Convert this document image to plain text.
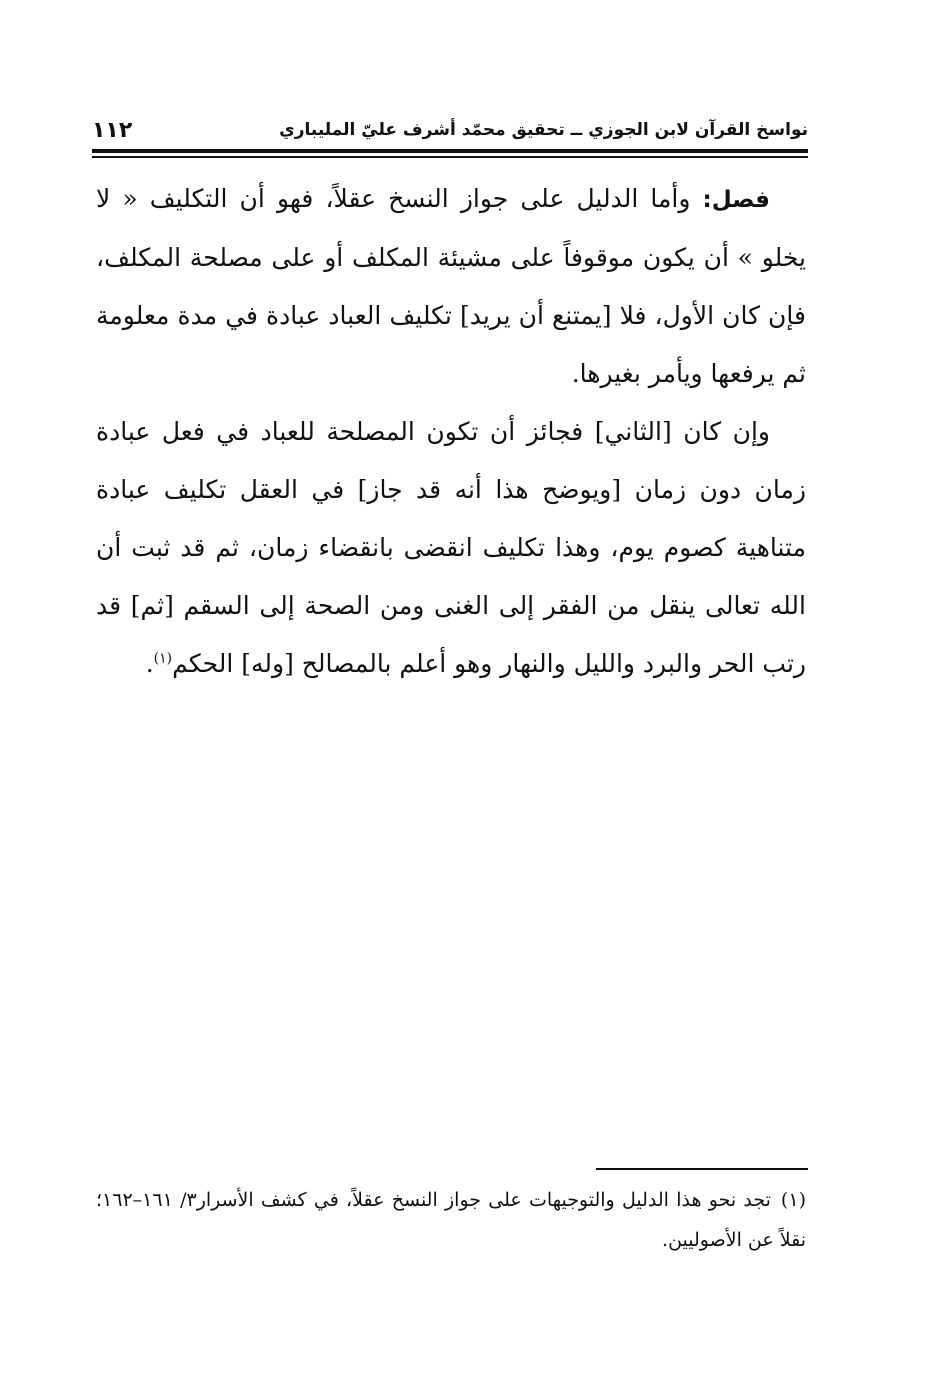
نواسخ القرآن لابن الجوزي ــ تحقيق محمّد أشرف عليّ المليباري
١١٢

فصل: وأما الدليل على جواز النسخ عقلاً، فهو أن التكليف « لا يخلو » أن يكون موقوفاً على مشيئة المكلف أو على مصلحة المكلف، فإن كان الأول، فلا [يمتنع أن يريد] تكليف العباد عبادة في مدة معلومة ثم يرفعها ويأمر بغيرها.

وإن كان [الثاني] فجائز أن تكون المصلحة للعباد في فعل عبادة زمان دون زمان [ويوضح هذا أنه قد جاز] في العقل تكليف عبادة متناهية كصوم يوم، وهذا تكليف انقضى بانقضاء زمان، ثم قد ثبت أن الله تعالى ينقل من الفقر إلى الغنى ومن الصحة إلى السقم [ثم] قد رتب الحر والبرد والليل والنهار وهو أعلم بالمصالح [وله] الحكم$^{(١)}$.

(١)تجد نحو هذا الدليل والتوجيهات على جواز النسخ عقلاً، في كشف الأسرار٣/ ١٦١–١٦٢؛ نقلاً عن الأصوليين.
